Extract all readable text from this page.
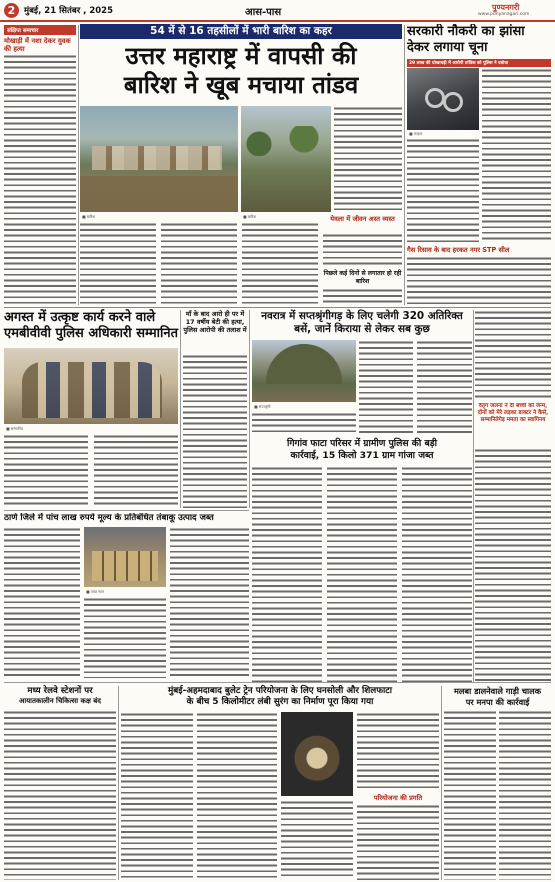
2	मुंबई, 21 सितंबर , 2025	आस-पास	पुण्यनगरी
www.punyanagari.com
संक्षिप्त समाचार
मोखाड़ी में नशा देकर युवक की हत्या
54 में से 16 तहसीलों में भारी बारिश का कहर
उत्तर महाराष्ट्र में वापसी की
बारिश ने खूब मचाया तांडव
■ बारिश	■ बारिश	येवला में जीवन अस्त व्यस्त
पिछले कई दिनों से लगातार हो रही बारिश
सरकारी नौकरी का झांसा देकर लगाया चूना
29 लाख की धोखाधड़ी में आरोपी तांत्रिक को पुलिस ने दबोचा
■ फाइल
गैस रिसाव के बाद हरकत नगर STP सील
अगस्त में उत्कृष्ट कार्य करने वाले
एमबीवीवी पुलिस अधिकारी सम्मानित
■ सम्मानित
माँ के बाद आरो ही पर में 17 वर्षीय बेटी की हत्या, पुलिस आरोपी की तलाश में
नवरात्र में सप्तश्रृंगीगड़ के लिए चलेगी 320 अतिरिक्त
बसें, जानें किराया से लेकर सब कुछ
■ सप्तश्रृंगी	वैतृग जलना ने दी बच्ची को जन्म, दोनों को मेरे लड़का डाक्टर ने कैसे, सम्मानितेगेड़ ममता का स्वागिनय
गिगांव फाटा परिसर में ग्रामीण पुलिस की बड़ी
कार्रवाई, 15 किलो 371 ग्राम गांजा जब्त
ठाणे जिले में पांच लाख रुपये मूल्य के प्रतिबंधित तंबाकू उत्पाद जब्त
■ जब्त माल
मध्य रेलवे स्टेशनों पर
आयातकालीन चिकित्सा कक्ष बंद
मुंबई-अहमदाबाद बुलेट ट्रेन परियोजना के लिए घनसोली और शिलफाटा
के बीच 5 किलोमीटर लंबी सुरंग का निर्माण पूरा किया गया
परियोजना की प्रगति
मलबा डालनेवाले गाड़ी चालक
पर मनपा की कार्रवाई
